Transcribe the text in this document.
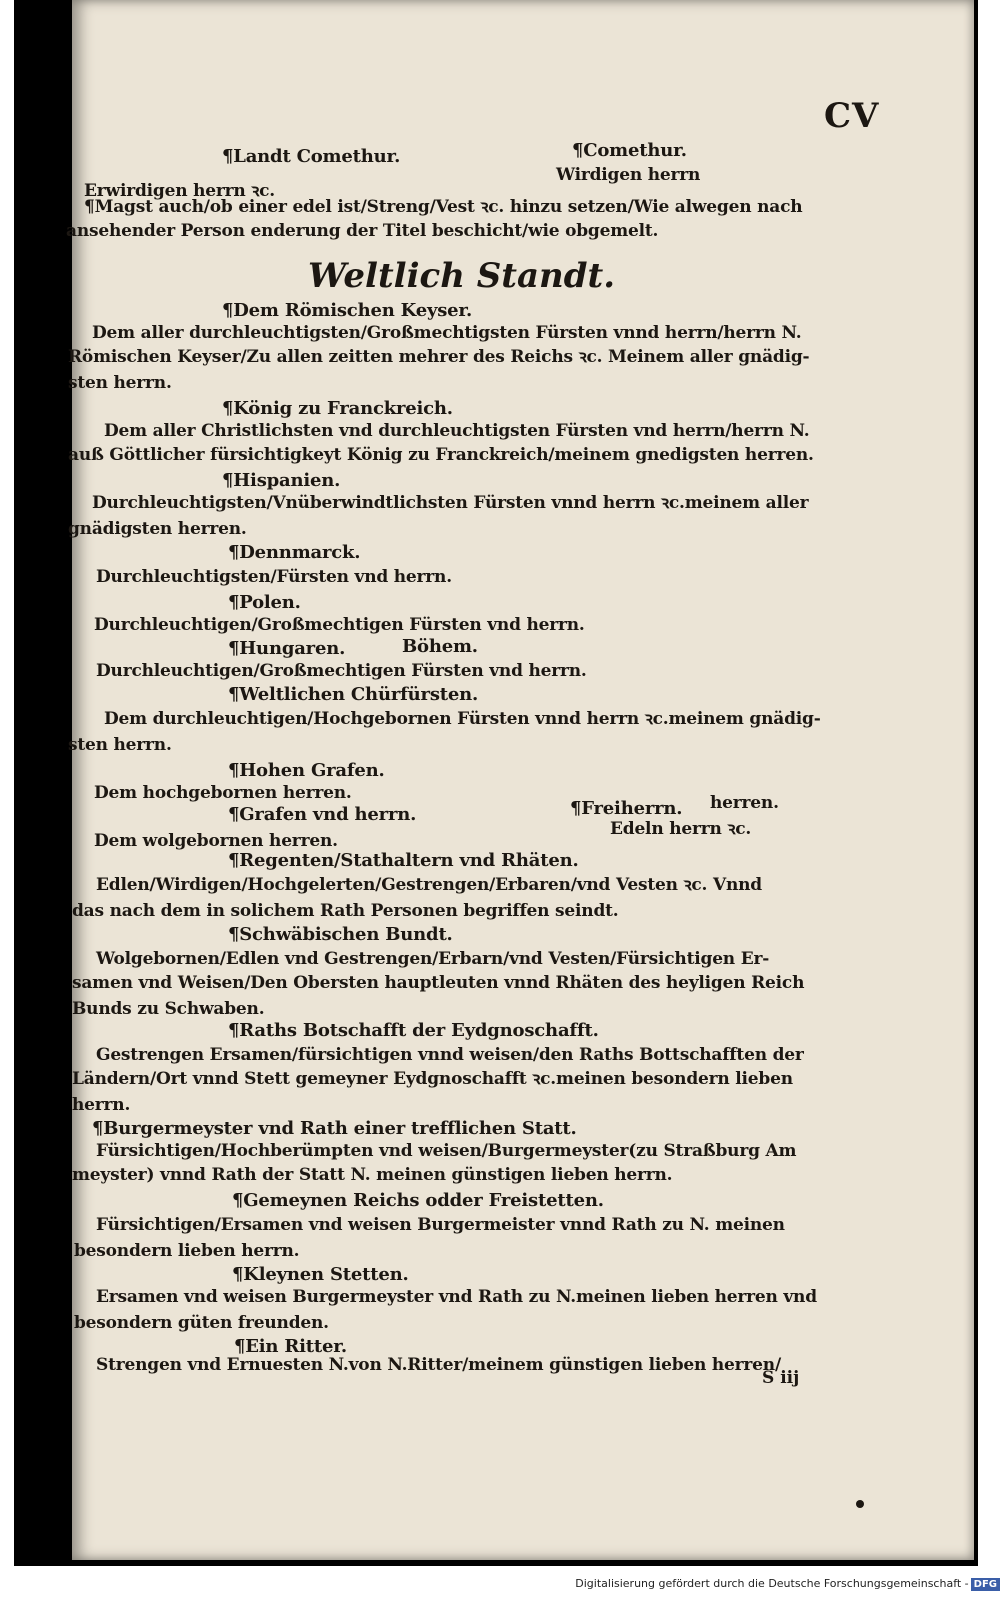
CV
¶Landt Comethur.	¶Comethur.
Erwirdigen herrn ꝛc.
Wirdigen herrn
¶Magst auch/ob einer edel ist/Streng/Vest ꝛc. hinzu setzen/Wie alwegen nach
ansehender Person enderung der Titel beschicht/wie obgemelt.
Weltlich Standt.
¶Dem Römischen Keyser.
Dem aller durchleuchtigsten/Großmechtigsten Fürsten vnnd herrn/herrn N.
Römischen Keyser/Zu allen zeitten mehrer des Reichs ꝛc. Meinem aller gnädig-
sten herrn.
¶König zu Franckreich.
Dem aller Christlichsten vnd durchleuchtigsten Fürsten vnd herrn/herrn N.
auß Göttlicher fürsichtigkeyt König zu Franckreich/meinem gnedigsten herren.
¶Hispanien.
Durchleuchtigsten/Vnüberwindtlichsten Fürsten vnnd herrn ꝛc.meinem aller
gnädigsten herren.
¶Dennmarck.
Durchleuchtigsten/Fürsten vnd herrn.
¶Polen.
Durchleuchtigen/Großmechtigen Fürsten vnd herrn.
¶Hungaren.	Böhem.
Durchleuchtigen/Großmechtigen Fürsten vnd herrn.
¶Weltlichen Chürfürsten.
Dem durchleuchtigen/Hochgebornen Fürsten vnnd herrn ꝛc.meinem gnädig-
sten herrn.
¶Hohen Grafen.
Dem hochgebornen herren.
¶Grafen vnd herrn.	¶Freiherrn. herren.
Dem wolgebornen herren.
Edeln herrn ꝛc.
¶Regenten/Stathaltern vnd Rhäten.
Edlen/Wirdigen/Hochgelerten/Gestrengen/Erbaren/vnd Vesten ꝛc. Vnnd
das nach dem in solichem Rath Personen begriffen seindt.
¶Schwäbischen Bundt.
Wolgebornen/Edlen vnd Gestrengen/Erbarn/vnd Vesten/Fürsichtigen Er-
samen vnd Weisen/Den Obersten hauptleuten vnnd Rhäten des heyligen Reich
Bunds zu Schwaben.
¶Raths Botschafft der Eydgnoschafft.
Gestrengen Ersamen/fürsichtigen vnnd weisen/den Raths Bottschafften der
Ländern/Ort vnnd Stett gemeyner Eydgnoschafft ꝛc.meinen besondern lieben
herrn.
¶Burgermeyster vnd Rath einer trefflichen Statt.
Fürsichtigen/Hochberümpten vnd weisen/Burgermeyster(zu Straßburg Am
meyster) vnnd Rath der Statt N. meinen günstigen lieben herrn.
¶Gemeynen Reichs odder Freistetten.
Fürsichtigen/Ersamen vnd weisen Burgermeister vnnd Rath zu N. meinen
besondern lieben herrn.
¶Kleynen Stetten.
Ersamen vnd weisen Burgermeyster vnd Rath zu N.meinen lieben herren vnd
besondern güten freunden.
¶Ein Ritter.
Strengen vnd Ernuesten N.von N.Ritter/meinem günstigen lieben herren/
S iij
Digitalisierung gefördert durch die Deutsche Forschungsgemeinschaft - DFG
